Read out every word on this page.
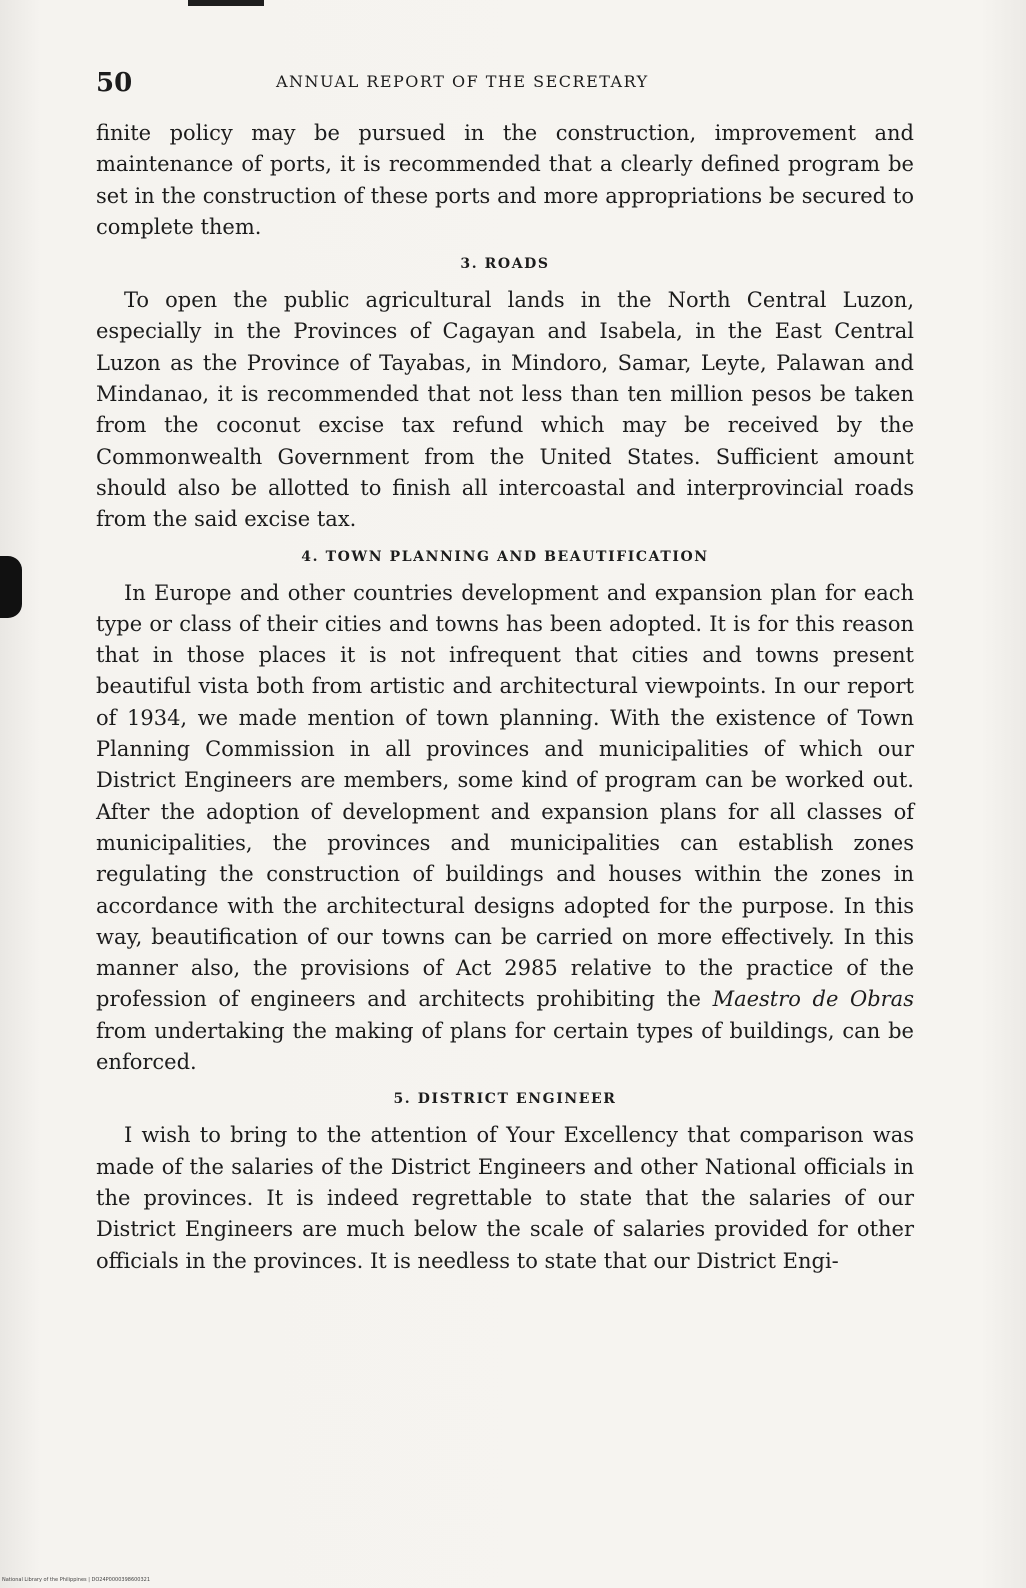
50	ANNUAL REPORT OF THE SECRETARY

finite policy may be pursued in the construction, improvement and maintenance of ports, it is recommended that a clearly defined program be set in the construction of these ports and more appropriations be secured to complete them.

3. ROADS

To open the public agricultural lands in the North Central Luzon, especially in the Provinces of Cagayan and Isabela, in the East Central Luzon as the Province of Tayabas, in Mindoro, Samar, Leyte, Palawan and Mindanao, it is recommended that not less than ten million pesos be taken from the coconut excise tax refund which may be received by the Commonwealth Government from the United States. Sufficient amount should also be allotted to finish all intercoastal and interprovincial roads from the said excise tax.

4. TOWN PLANNING AND BEAUTIFICATION

In Europe and other countries development and expansion plan for each type or class of their cities and towns has been adopted. It is for this reason that in those places it is not infrequent that cities and towns present beautiful vista both from artistic and architectural viewpoints. In our report of 1934, we made mention of town planning. With the existence of Town Planning Commission in all provinces and municipalities of which our District Engineers are members, some kind of program can be worked out. After the adoption of development and expansion plans for all classes of municipalities, the provinces and municipalities can establish zones regulating the construction of buildings and houses within the zones in accordance with the architectural designs adopted for the purpose. In this way, beautification of our towns can be carried on more effectively. In this manner also, the provisions of Act 2985 relative to the practice of the profession of engineers and architects prohibiting the Maestro de Obras from undertaking the making of plans for certain types of buildings, can be enforced.

5. DISTRICT ENGINEER

I wish to bring to the attention of Your Excellency that comparison was made of the salaries of the District Engineers and other National officials in the provinces. It is indeed regrettable to state that the salaries of our District Engineers are much below the scale of salaries provided for other officials in the provinces. It is needless to state that our District Engi-

National Library of the Philippines | DO24P0000398600321
